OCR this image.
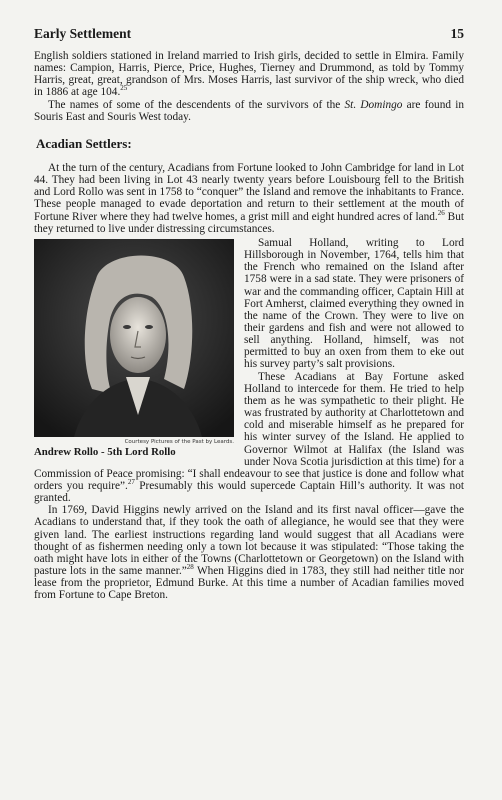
Early Settlement	15

English soldiers stationed in Ireland married to Irish girls, decided to settle in Elmira. Family names: Campion, Harris, Pierce, Price, Hughes, Tierney and Drummond, as told by Tommy Harris, great, great, grandson of Mrs. Moses Harris, last survivor of the ship wreck, who died in 1886 at age 104.25

The names of some of the descendents of the survivors of the St. Domingo are found in Souris East and Souris West today.

Acadian Settlers:

At the turn of the century, Acadians from Fortune looked to John Cambridge for land in Lot 44. They had been living in Lot 43 nearly twenty years before Louisbourg fell to the British and Lord Rollo was sent in 1758 to “conquer” the Island and remove the inhabitants to France. These people managed to evade deportation and return to their settlement at the mouth of Fortune River where they had twelve homes, a grist mill and eight hundred acres of land.$^{26}$ But they returned to live under distressing circumstances.

Courtesy Pictures of the Past by Leards.
Andrew Rollo - 5th Lord Rollo

Samual Holland, writing to Lord Hillsborough in November, 1764, tells him that the French who remained on the Island after 1758 were in a sad state. They were prisoners of war and the commanding officer, Captain Hill at Fort Amherst, claimed everything they owned in the name of the Crown. They were to live on their gardens and fish and were not allowed to sell anything. Holland, himself, was not permitted to buy an oxen from them to eke out his survey party’s salt provisions.

These Acadians at Bay Fortune asked Holland to intercede for them. He tried to help them as he was sympathetic to their plight. He was frustrated by authority at Charlottetown and cold and miserable himself as he prepared for his winter survey of the Island. He applied to Governor Wilmot at Halifax (the Island was under Nova Scotia jurisdiction at this time) for a Commission of Peace promising: “I shall endeavour to see that justice is done and follow what orders you require”.$^{27}$ Presumably this would supercede Captain Hill’s authority. It was not granted.

In 1769, David Higgins newly arrived on the Island and its first naval officer—gave the Acadians to understand that, if they took the oath of allegiance, he would see that they were given land. The earliest instructions regarding land would suggest that all Acadians were thought of as fishermen needing only a town lot because it was stipulated: “Those taking the oath might have lots in either of the Towns (Charlottetown or Georgetown) on the Island with pasture lots in the same manner.”$^{28}$ When Higgins died in 1783, they still had neither title nor lease from the proprietor, Edmund Burke. At this time a number of Acadian families moved from Fortune to Cape Breton.
